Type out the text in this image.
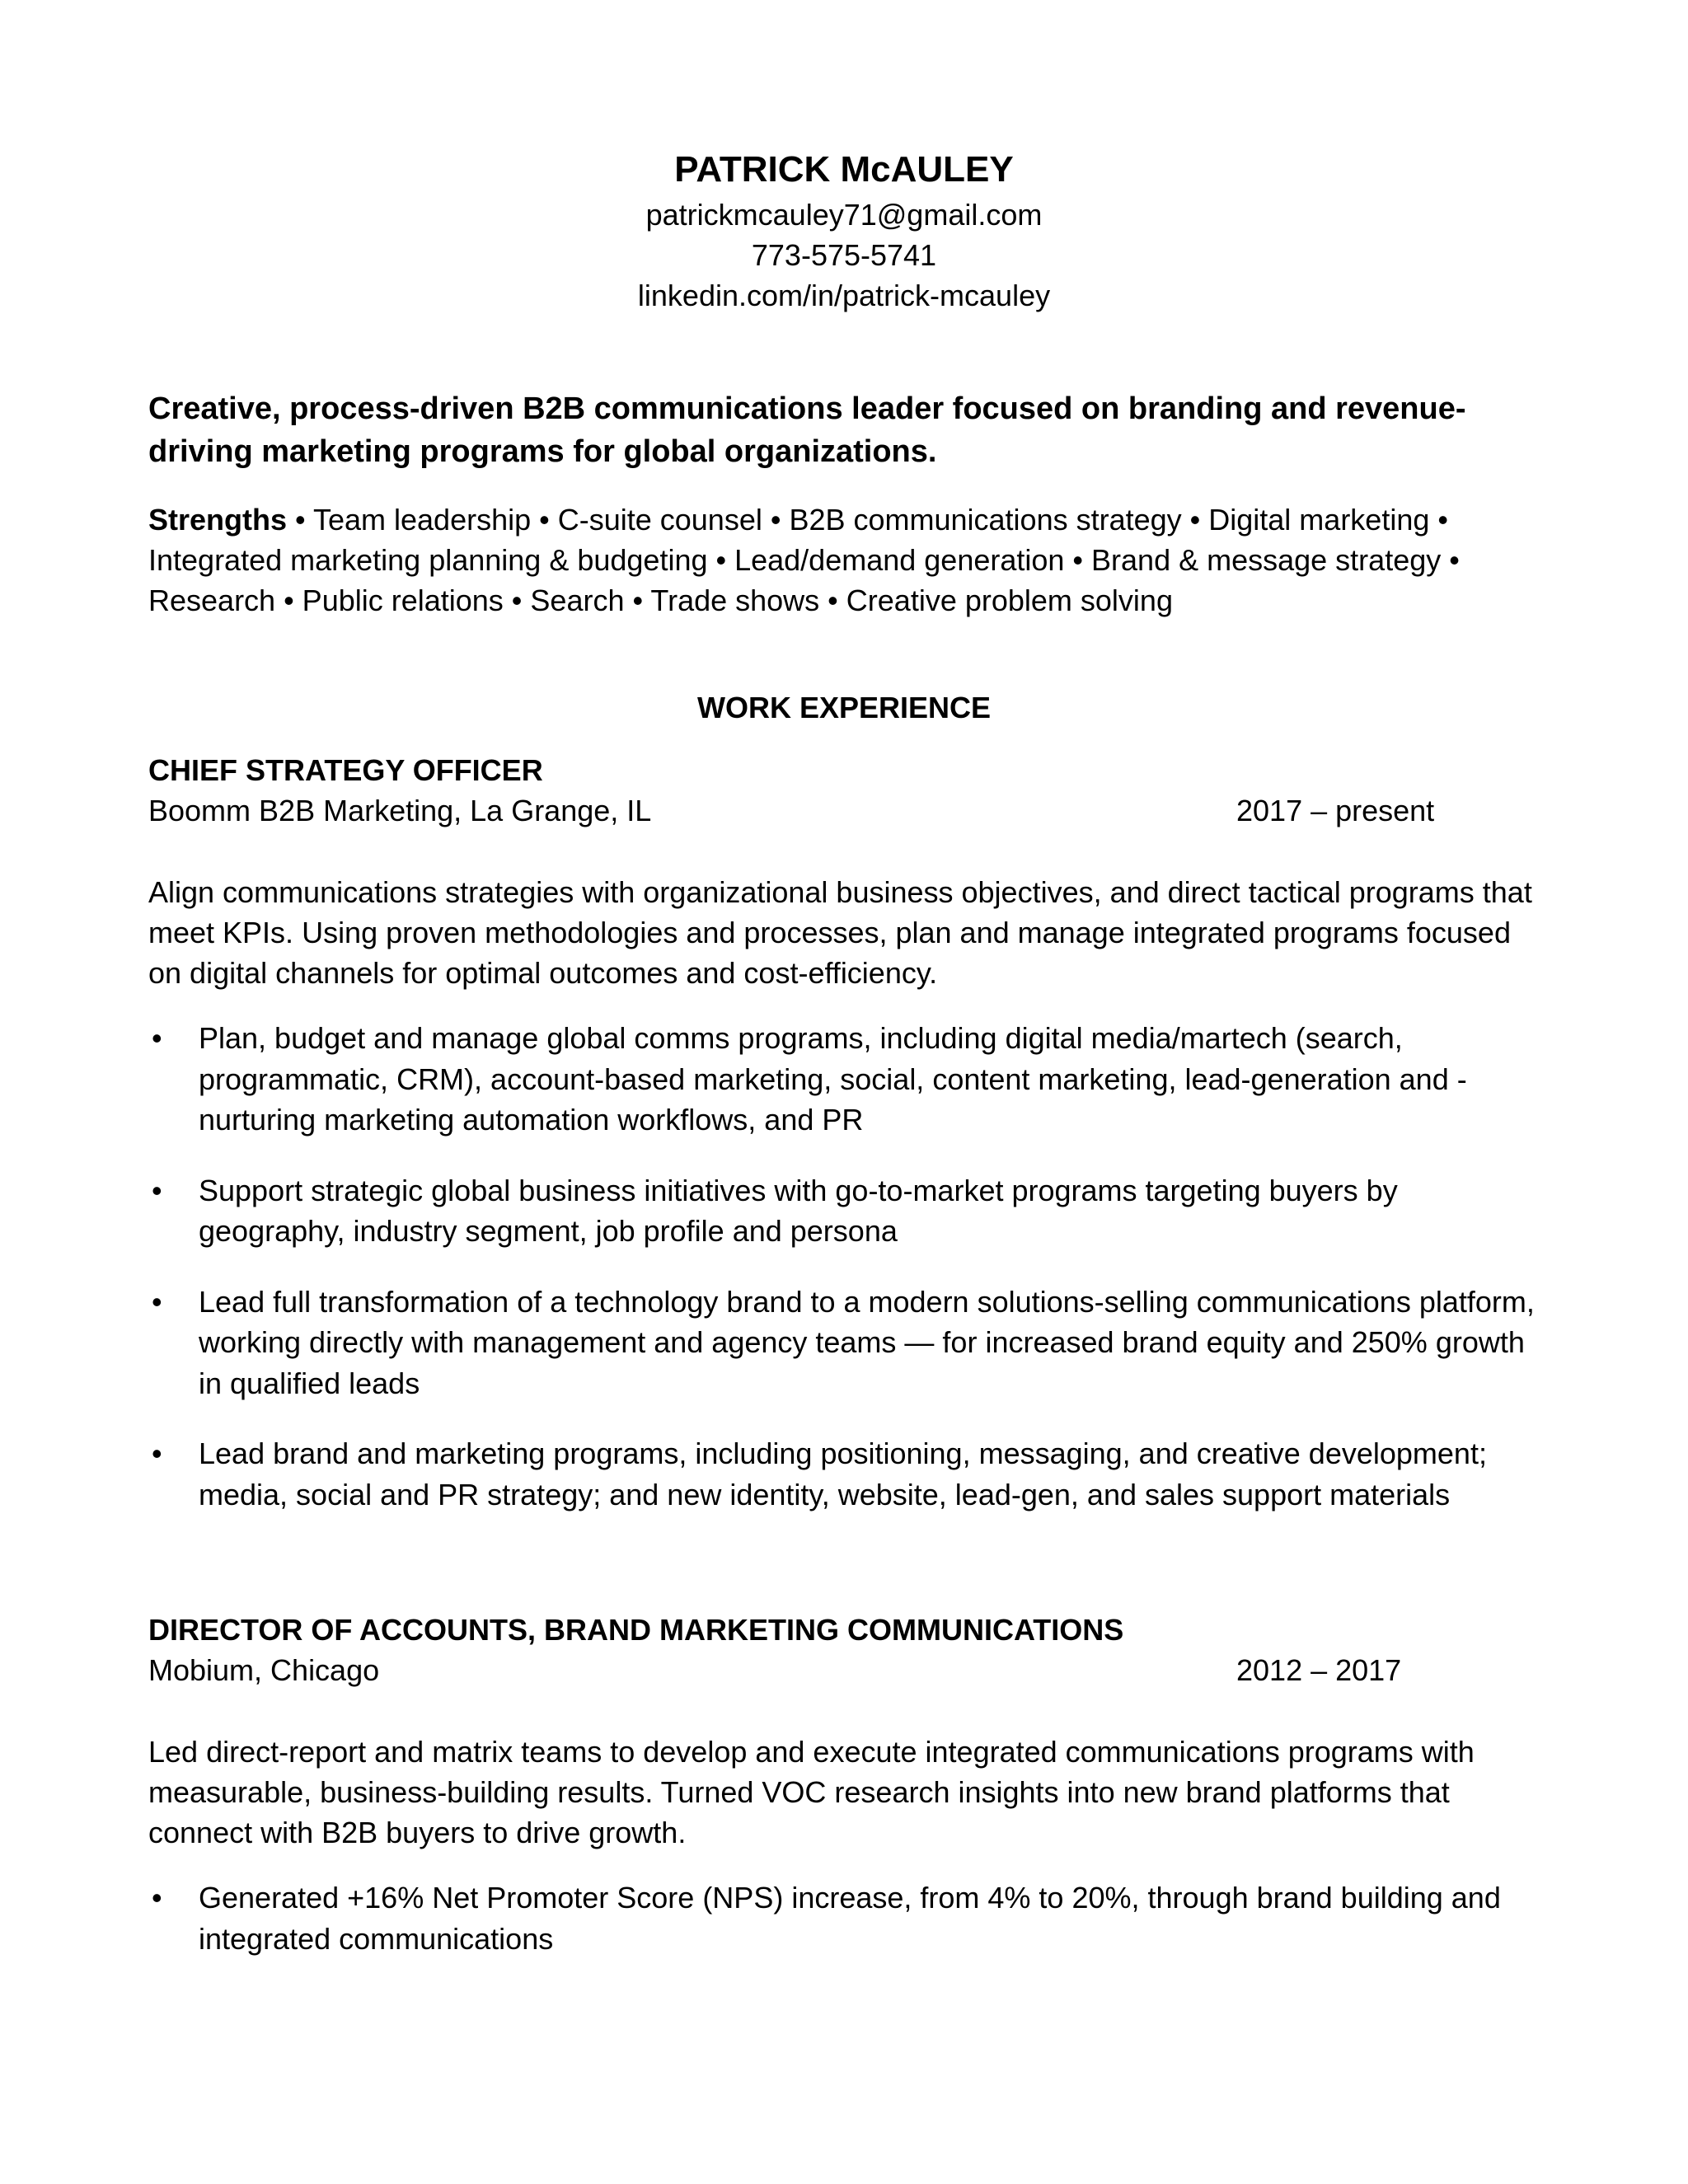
PATRICK McAULEY

patrickmcauley71@gmail.com

773-575-5741

linkedin.com/in/patrick-mcauley

Creative, process-driven B2B communications leader focused on branding and revenue-driving marketing programs for global organizations.
Strengths • Team leadership • C-suite counsel • B2B communications strategy • Digital marketing • Integrated marketing planning & budgeting • Lead/demand generation • Brand & message strategy • Research • Public relations • Search • Trade shows • Creative problem solving
WORK EXPERIENCE

CHIEF STRATEGY OFFICER

Boomm B2B Marketing, La Grange, IL	2017 – present

Align communications strategies with organizational business objectives, and direct tactical programs that meet KPIs. Using proven methodologies and processes, plan and manage integrated programs focused on digital channels for optimal outcomes and cost-efficiency.

• Plan, budget and manage global comms programs, including digital media/martech (search, programmatic, CRM), account-based marketing, social, content marketing, lead-generation and -nurturing marketing automation workflows, and PR
• Support strategic global business initiatives with go-to-market programs targeting buyers by geography, industry segment, job profile and persona
• Lead full transformation of a technology brand to a modern solutions-selling communications platform, working directly with management and agency teams — for increased brand equity and 250% growth in qualified leads
• Lead brand and marketing programs, including positioning, messaging, and creative development; media, social and PR strategy; and new identity, website, lead-gen, and sales support materials

DIRECTOR OF ACCOUNTS, BRAND MARKETING COMMUNICATIONS

Mobium, Chicago	2012 – 2017

Led direct-report and matrix teams to develop and execute integrated communications programs with measurable, business-building results. Turned VOC research insights into new brand platforms that connect with B2B buyers to drive growth.

• Generated +16% Net Promoter Score (NPS) increase, from 4% to 20%, through brand building and integrated communications
